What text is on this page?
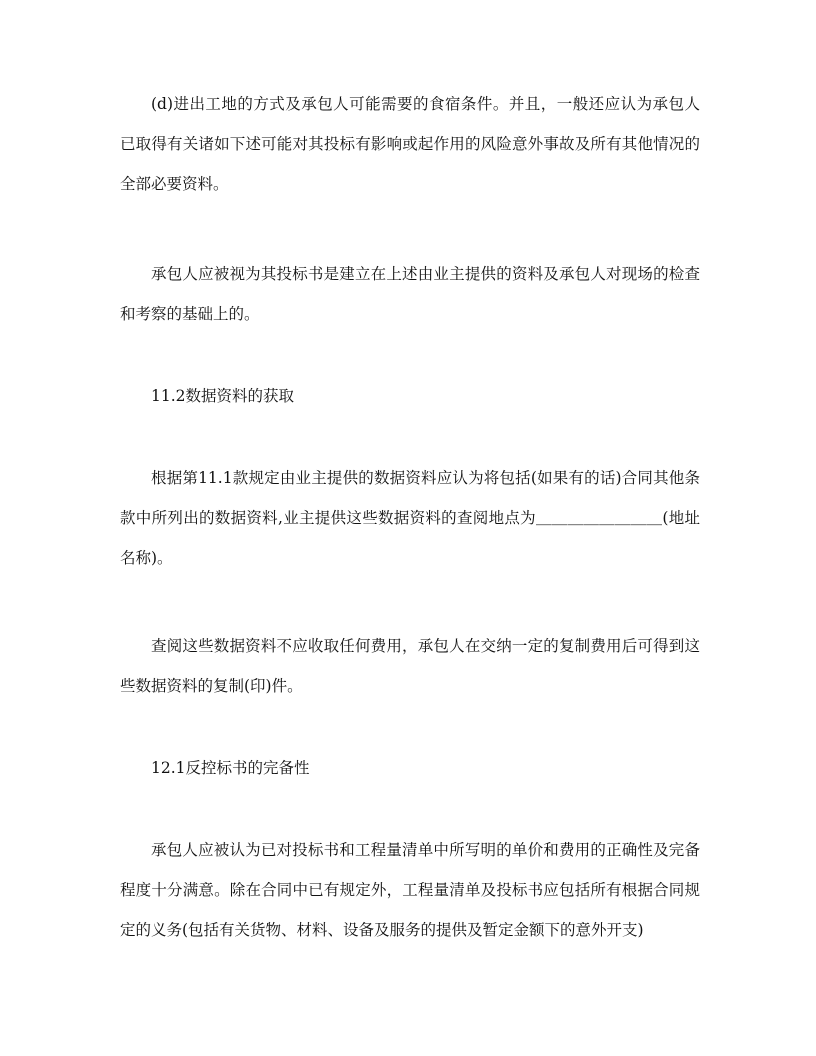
(d)进出工地的方式及承包人可能需要的食宿条件。并且，一般还应认为承包人已取得有关诸如下述可能对其投标有影响或起作用的风险意外事故及所有其他情况的全部必要资料。

承包人应被视为其投标书是建立在上述由业主提供的资料及承包人对现场的检查和考察的基础上的。

11.2数据资料的获取

根据第11.1款规定由业主提供的数据资料应认为将包括(如果有的话)合同其他条款中所列出的数据资料,业主提供这些数据资料的查阅地点为＿＿＿＿＿＿＿＿(地址名称)。

查阅这些数据资料不应收取任何费用，承包人在交纳一定的复制费用后可得到这些数据资料的复制(印)件。

12.1反控标书的完备性

承包人应被认为已对投标书和工程量清单中所写明的单价和费用的正确性及完备程度十分满意。除在合同中已有规定外，工程量清单及投标书应包括所有根据合同规定的义务(包括有关货物、材料、设备及服务的提供及暂定金额下的意外开支)
